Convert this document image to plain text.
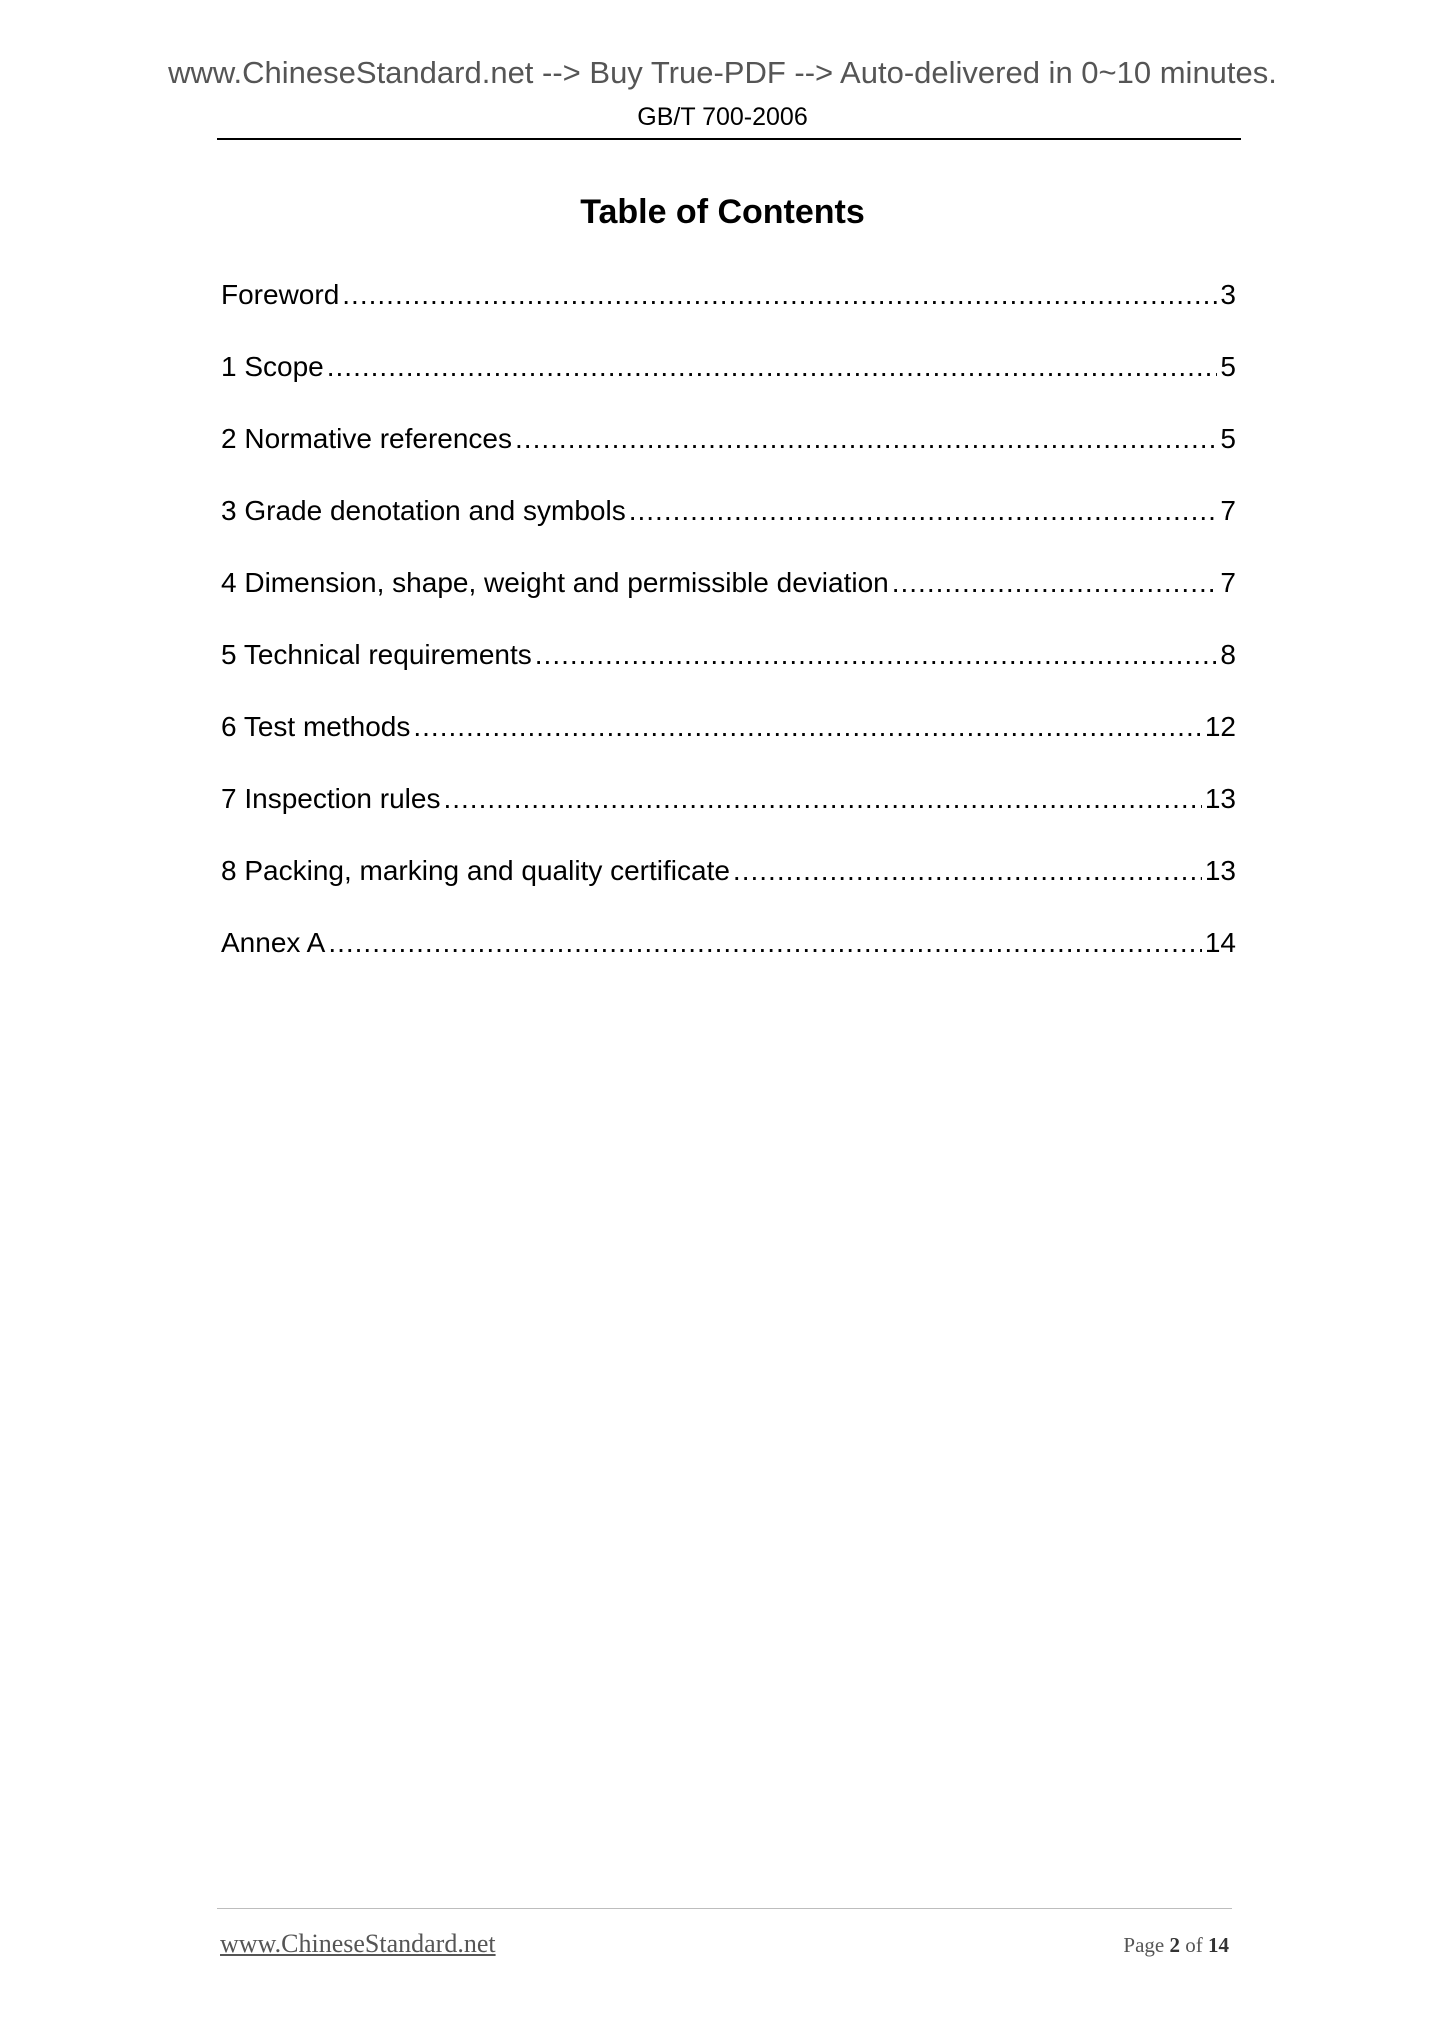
www.ChineseStandard.net --> Buy True-PDF --> Auto-delivered in 0~10 minutes.
GB/T 700-2006
Table of Contents
Foreword .....	3
1 Scope .....	5
2 Normative references .....	5
3 Grade denotation and symbols .....	7
4 Dimension, shape, weight and permissible deviation .....	7
5 Technical requirements .....	8
6 Test methods .....	12
7 Inspection rules .....	13
8 Packing, marking and quality certificate .....	13
Annex A .....	14
www.ChineseStandard.net	Page 2 of 14
